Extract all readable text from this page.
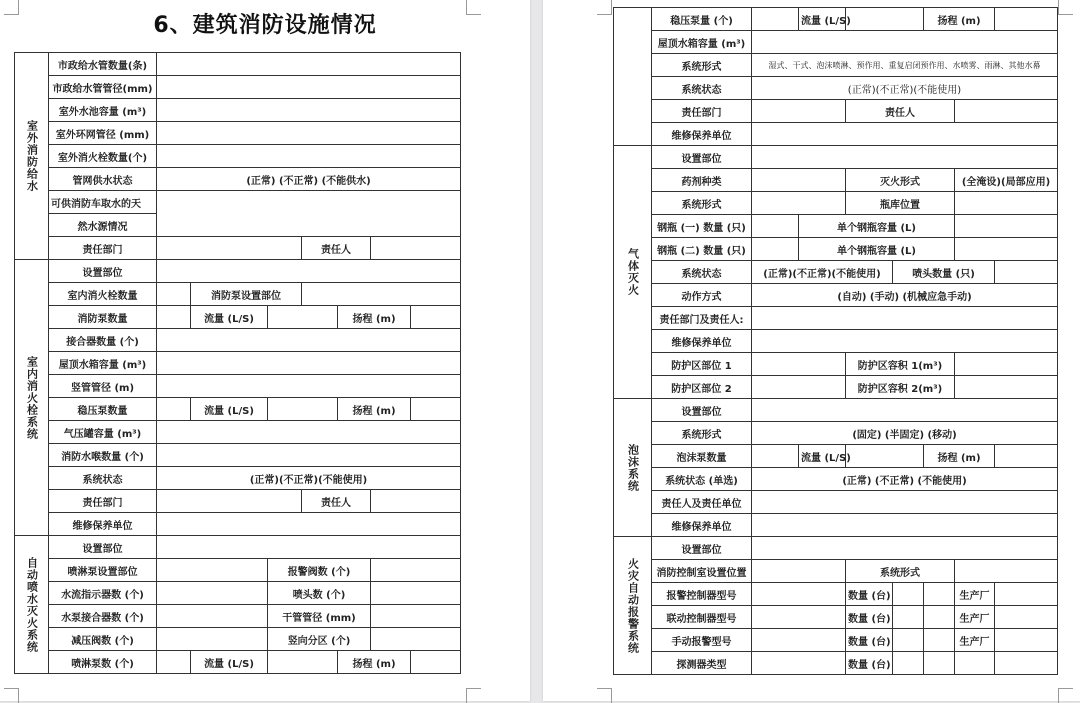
6、建筑消防设施情况
室外消防给水	市政给水管数量(条)							
	市政给水管管径(mm)							
	室外水池容量 (m³)							
	室外环网管径 (mm)							
	室外消火栓数量(个)							
	管网供水状态	(正常) (不正常) (不能供水)						
	可供消防车取水的天							
	然水源情况							
	责任部门				责任人			
室内消火栓系统	设置部位							
	室内消火栓数量		消防泵设置部位					
	消防泵数量		流量 (L/S)			扬程 (m)		
	接合器数量 (个)							
	屋顶水箱容量 (m³)							
	竖管管径 (m)							
	稳压泵数量		流量 (L/S)			扬程 (m)		
	气压罐容量 (m³)							
	消防水喉数量 (个)							
	系统状态	(正常)(不正常)(不能使用)						
	责任部门				责任人			
	维修保养单位							
自动喷水灭火系统	设置部位							
	喷淋泵设置部位			报警阀数 (个)				
	水流指示器数 (个)			喷头数 (个)				
	水泵接合器数 (个)			干管管径 (mm)				
	减压阀数 (个)			竖向分区 (个)				
	喷淋泵数 (个)		流量 (L/S)			扬程 (m)		
	稳压泵量 (个)		流量 (L/S)			扬程 (m)		
	屋顶水箱容量 (m³)							
	系统形式	湿式、干式、泡沫喷淋、预作用、重复启闭预作用、水喷雾、雨淋、其他水幕						
	系统状态	(正常)(不正常)(不能使用)						
	责任部门			责任人				
	维修保养单位							
气体灭火	设置部位							
	药剂种类			灭火形式			(全淹设)(局部应用)	
	系统形式			瓶库位置				
	钢瓶 (一) 数量 (只)		单个钢瓶容量 (L)					
	钢瓶 (二) 数量 (只)		单个钢瓶容量 (L)					
	系统状态	(正常)(不正常)(不能使用)			喷头数量 (只)			
	动作方式	(自动) (手动) (机械应急手动)						
	责任部门及责任人:							
	维修保养单位							
	防护区部位 1			防护区容积 1(m³)				
	防护区部位 2			防护区容积 2(m³)				
泡沫系统	设置部位							
	系统形式	(固定) (半固定) (移动)						
	泡沫泵数量		流量 (L/S)			扬程 (m)		
	系统状态 (单选)	(正常) (不正常) (不能使用)						
	责任人及责任单位							
	维修保养单位							
火灾自动报警系统	设置部位							
	消防控制室设置位置			系统形式				
	报警控制器型号			数量 (台)			生产厂	
	联动控制器型号			数量 (台)			生产厂	
	手动报警型号			数量 (台)			生产厂	
	探测器类型			数量 (台)				
